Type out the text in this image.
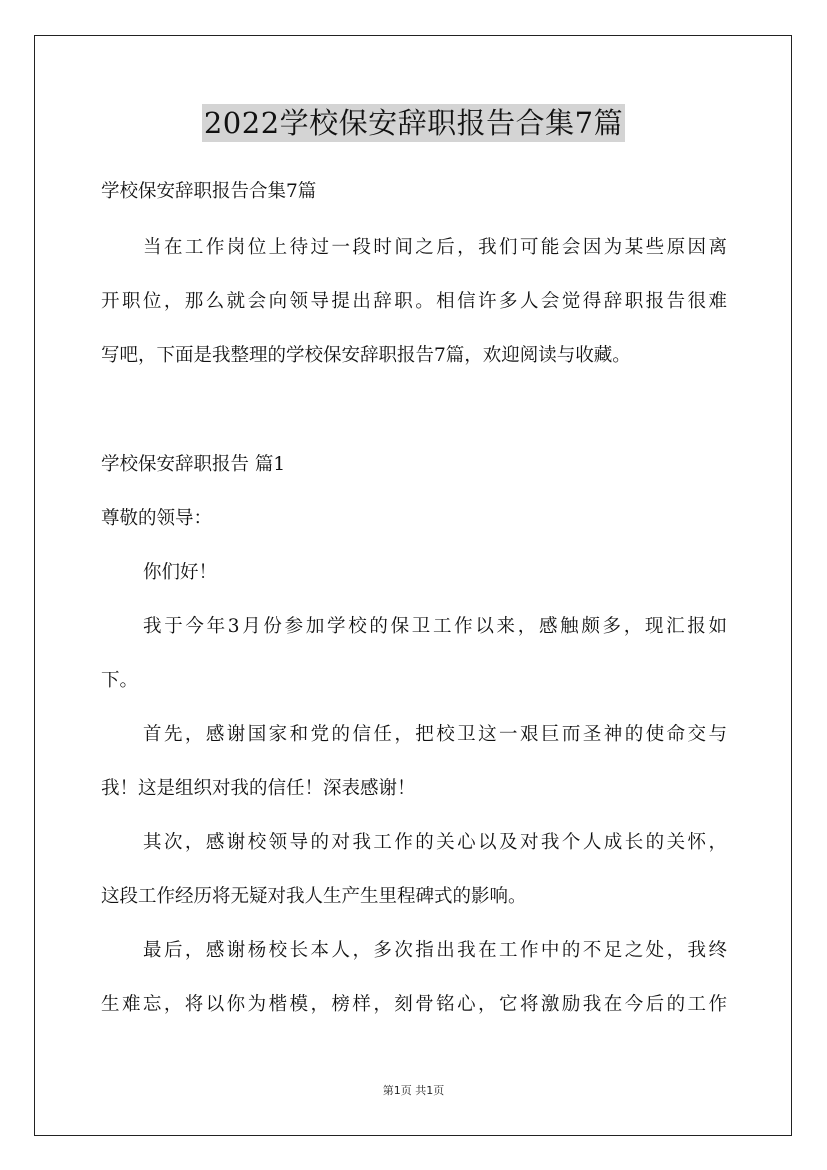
2022学校保安辞职报告合集7篇
学校保安辞职报告合集7篇
当在工作岗位上待过一段时间之后，我们可能会因为某些原因离
开职位，那么就会向领导提出辞职。相信许多人会觉得辞职报告很难
写吧，下面是我整理的学校保安辞职报告7篇，欢迎阅读与收藏。
学校保安辞职报告 篇1
尊敬的领导：
你们好！
我于今年3月份参加学校的保卫工作以来，感触颇多，现汇报如
下。
首先，感谢国家和党的信任，把校卫这一艰巨而圣神的使命交与
我！这是组织对我的信任！深表感谢！
其次，感谢校领导的对我工作的关心以及对我个人成长的关怀，
这段工作经历将无疑对我人生产生里程碑式的影响。
最后，感谢杨校长本人，多次指出我在工作中的不足之处，我终
生难忘，将以你为楷模，榜样，刻骨铭心，它将激励我在今后的工作
第1页 共1页
